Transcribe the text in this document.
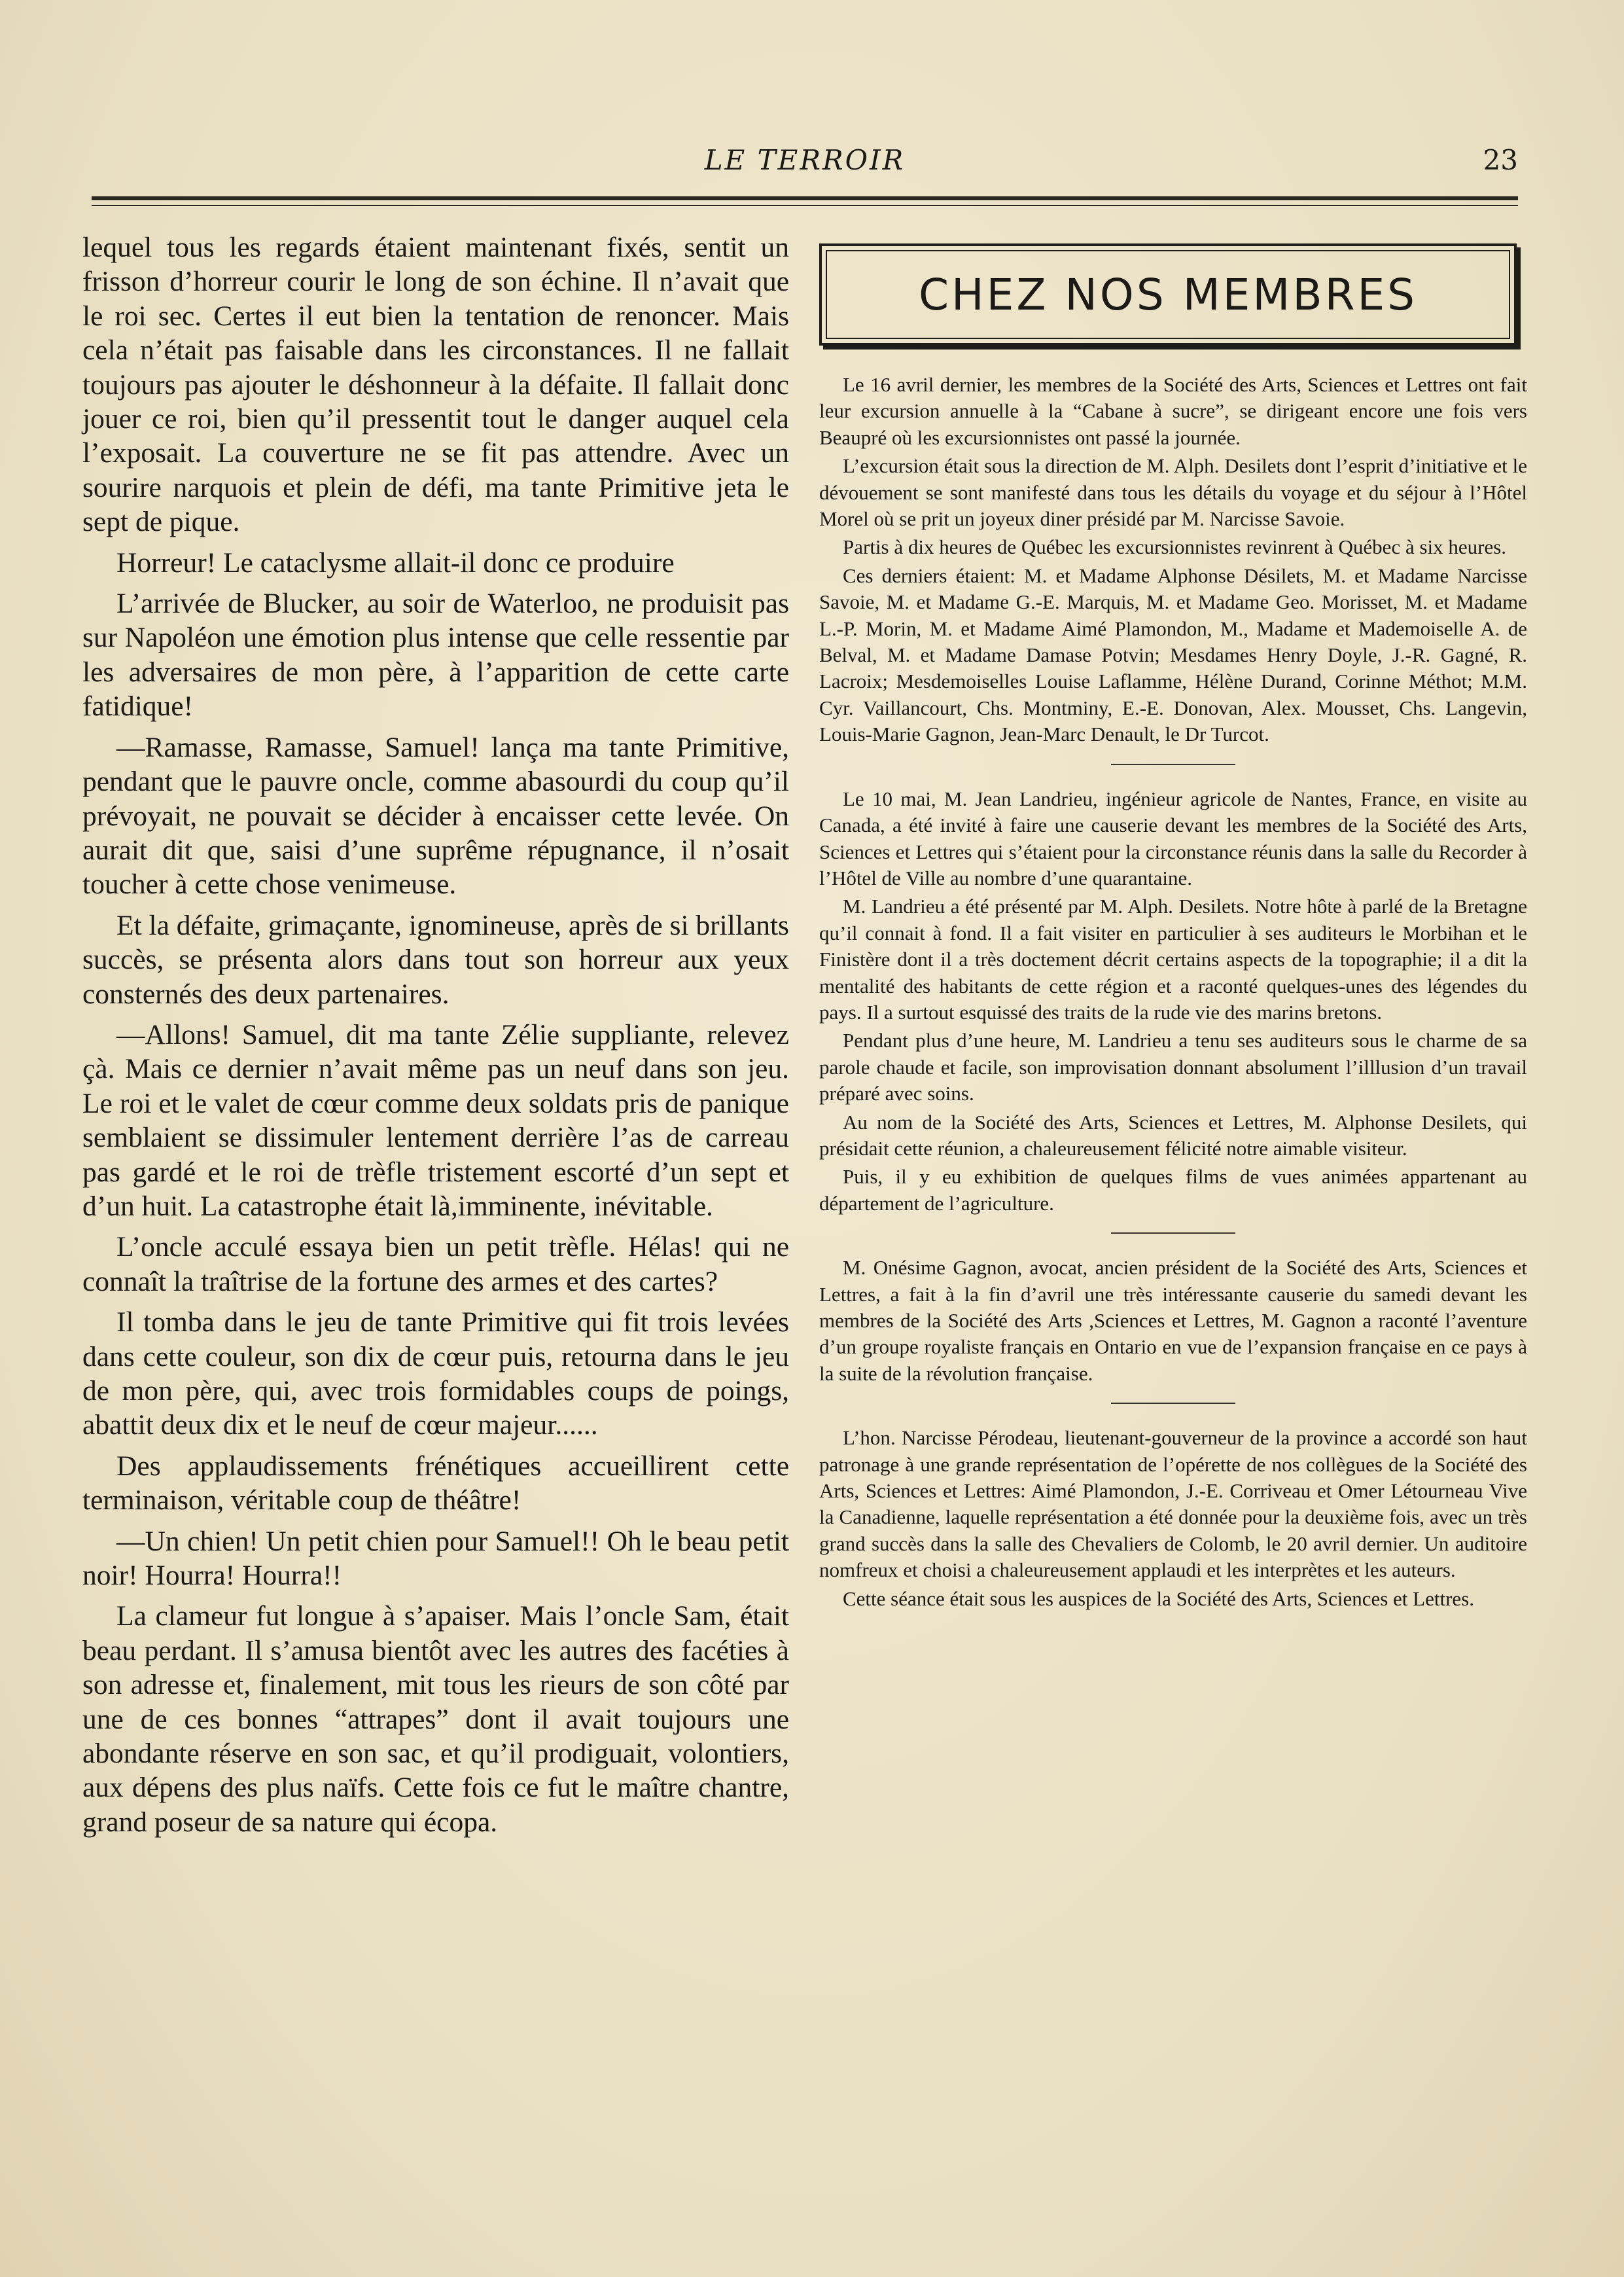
LE TERROIR	23

lequel tous les regards étaient maintenant fixés, sentit un frisson d’horreur courir le long de son échine. Il n’avait que le roi sec. Certes il eut bien la tentation de renoncer. Mais cela n’était pas faisable dans les circonstances. Il ne fallait toujours pas ajouter le déshonneur à la défaite. Il fallait donc jouer ce roi, bien qu’il pressentit tout le danger auquel cela l’exposait. La couverture ne se fit pas attendre. Avec un sourire narquois et plein de défi, ma tante Primitive jeta le sept de pique.

Horreur! Le cataclysme allait-il donc ce produire

L’arrivée de Blucker, au soir de Waterloo, ne produisit pas sur Napoléon une émotion plus intense que celle ressentie par les adversaires de mon père, à l’apparition de cette carte fatidique!

—Ramasse, Ramasse, Samuel! lança ma tante Primitive, pendant que le pauvre oncle, comme abasourdi du coup qu’il prévoyait, ne pouvait se décider à encaisser cette levée. On aurait dit que, saisi d’une suprême répugnance, il n’osait toucher à cette chose venimeuse.

Et la défaite, grimaçante, ignomineuse, après de si brillants succès, se présenta alors dans tout son horreur aux yeux consternés des deux partenaires.

—Allons! Samuel, dit ma tante Zélie suppliante, relevez çà. Mais ce dernier n’avait même pas un neuf dans son jeu. Le roi et le valet de cœur comme deux soldats pris de panique semblaient se dissimuler lentement derrière l’as de carreau pas gardé et le roi de trèfle tristement escorté d’un sept et d’un huit. La catastrophe était là,imminente, inévitable.

L’oncle acculé essaya bien un petit trèfle. Hélas! qui ne connaît la traîtrise de la fortune des armes et des cartes?

Il tomba dans le jeu de tante Primitive qui fit trois levées dans cette couleur, son dix de cœur puis, retourna dans le jeu de mon père, qui, avec trois formidables coups de poings, abattit deux dix et le neuf de cœur majeur......

Des applaudissements frénétiques accueillirent cette terminaison, véritable coup de théâtre!

—Un chien! Un petit chien pour Samuel!! Oh le beau petit noir! Hourra! Hourra!!

La clameur fut longue à s’apaiser. Mais l’oncle Sam, était beau perdant. Il s’amusa bientôt avec les autres des facéties à son adresse et, finalement, mit tous les rieurs de son côté par une de ces bonnes “attrapes” dont il avait toujours une abondante réserve en son sac, et qu’il prodiguait, volontiers, aux dépens des plus naïfs. Cette fois ce fut le maître chantre, grand poseur de sa nature qui écopa.

CHEZ NOS MEMBRES

Le 16 avril dernier, les membres de la Société des Arts, Sciences et Lettres ont fait leur excursion annuelle à la “Cabane à sucre”, se dirigeant encore une fois vers Beaupré où les excursionnistes ont passé la journée.

L’excursion était sous la direction de M. Alph. Desilets dont l’esprit d’initiative et le dévouement se sont manifesté dans tous les détails du voyage et du séjour à l’Hôtel Morel où se prit un joyeux diner présidé par M. Narcisse Savoie.

Partis à dix heures de Québec les excursionnistes revinrent à Québec à six heures.

Ces derniers étaient: M. et Madame Alphonse Désilets, M. et Madame Narcisse Savoie, M. et Madame G.-E. Marquis, M. et Madame Geo. Morisset, M. et Madame L.-P. Morin, M. et Madame Aimé Plamondon, M., Madame et Mademoiselle A. de Belval, M. et Madame Damase Potvin; Mesdames Henry Doyle, J.-R. Gagné, R. Lacroix; Mesdemoiselles Louise Laflamme, Hélène Durand, Corinne Méthot; M.M. Cyr. Vaillancourt, Chs. Montminy, E.-E. Donovan, Alex. Mousset, Chs. Langevin, Louis-Marie Gagnon, Jean-Marc Denault, le Dr Turcot.

Le 10 mai, M. Jean Landrieu, ingénieur agricole de Nantes, France, en visite au Canada, a été invité à faire une causerie devant les membres de la Société des Arts, Sciences et Lettres qui s’étaient pour la circonstance réunis dans la salle du Recorder à l’Hôtel de Ville au nombre d’une quarantaine.

M. Landrieu a été présenté par M. Alph. Desilets. Notre hôte à parlé de la Bretagne qu’il connait à fond. Il a fait visiter en particulier à ses auditeurs le Morbihan et le Finistère dont il a très doctement décrit certains aspects de la topographie; il a dit la mentalité des habitants de cette région et a raconté quelques-unes des légendes du pays. Il a surtout esquissé des traits de la rude vie des marins bretons.

Pendant plus d’une heure, M. Landrieu a tenu ses auditeurs sous le charme de sa parole chaude et facile, son improvisation donnant absolument l’illlusion d’un travail préparé avec soins.

Au nom de la Société des Arts, Sciences et Lettres, M. Alphonse Desilets, qui présidait cette réunion, a chaleureusement félicité notre aimable visiteur.

Puis, il y eu exhibition de quelques films de vues animées appartenant au département de l’agriculture.

M. Onésime Gagnon, avocat, ancien président de la Société des Arts, Sciences et Lettres, a fait à la fin d’avril une très intéressante causerie du samedi devant les membres de la Société des Arts ,Sciences et Lettres, M. Gagnon a raconté l’aventure d’un groupe royaliste français en Ontario en vue de l’expansion française en ce pays à la suite de la révolution française.

L’hon. Narcisse Pérodeau, lieutenant-gouverneur de la province a accordé son haut patronage à une grande représentation de l’opérette de nos collègues de la Société des Arts, Sciences et Lettres: Aimé Plamondon, J.-E. Corriveau et Omer Létourneau Vive la Canadienne, laquelle représentation a été donnée pour la deuxième fois, avec un très grand succès dans la salle des Chevaliers de Colomb, le 20 avril dernier. Un auditoire nomfreux et choisi a chaleureusement applaudi et les interprètes et les auteurs.

Cette séance était sous les auspices de la Société des Arts, Sciences et Lettres.
